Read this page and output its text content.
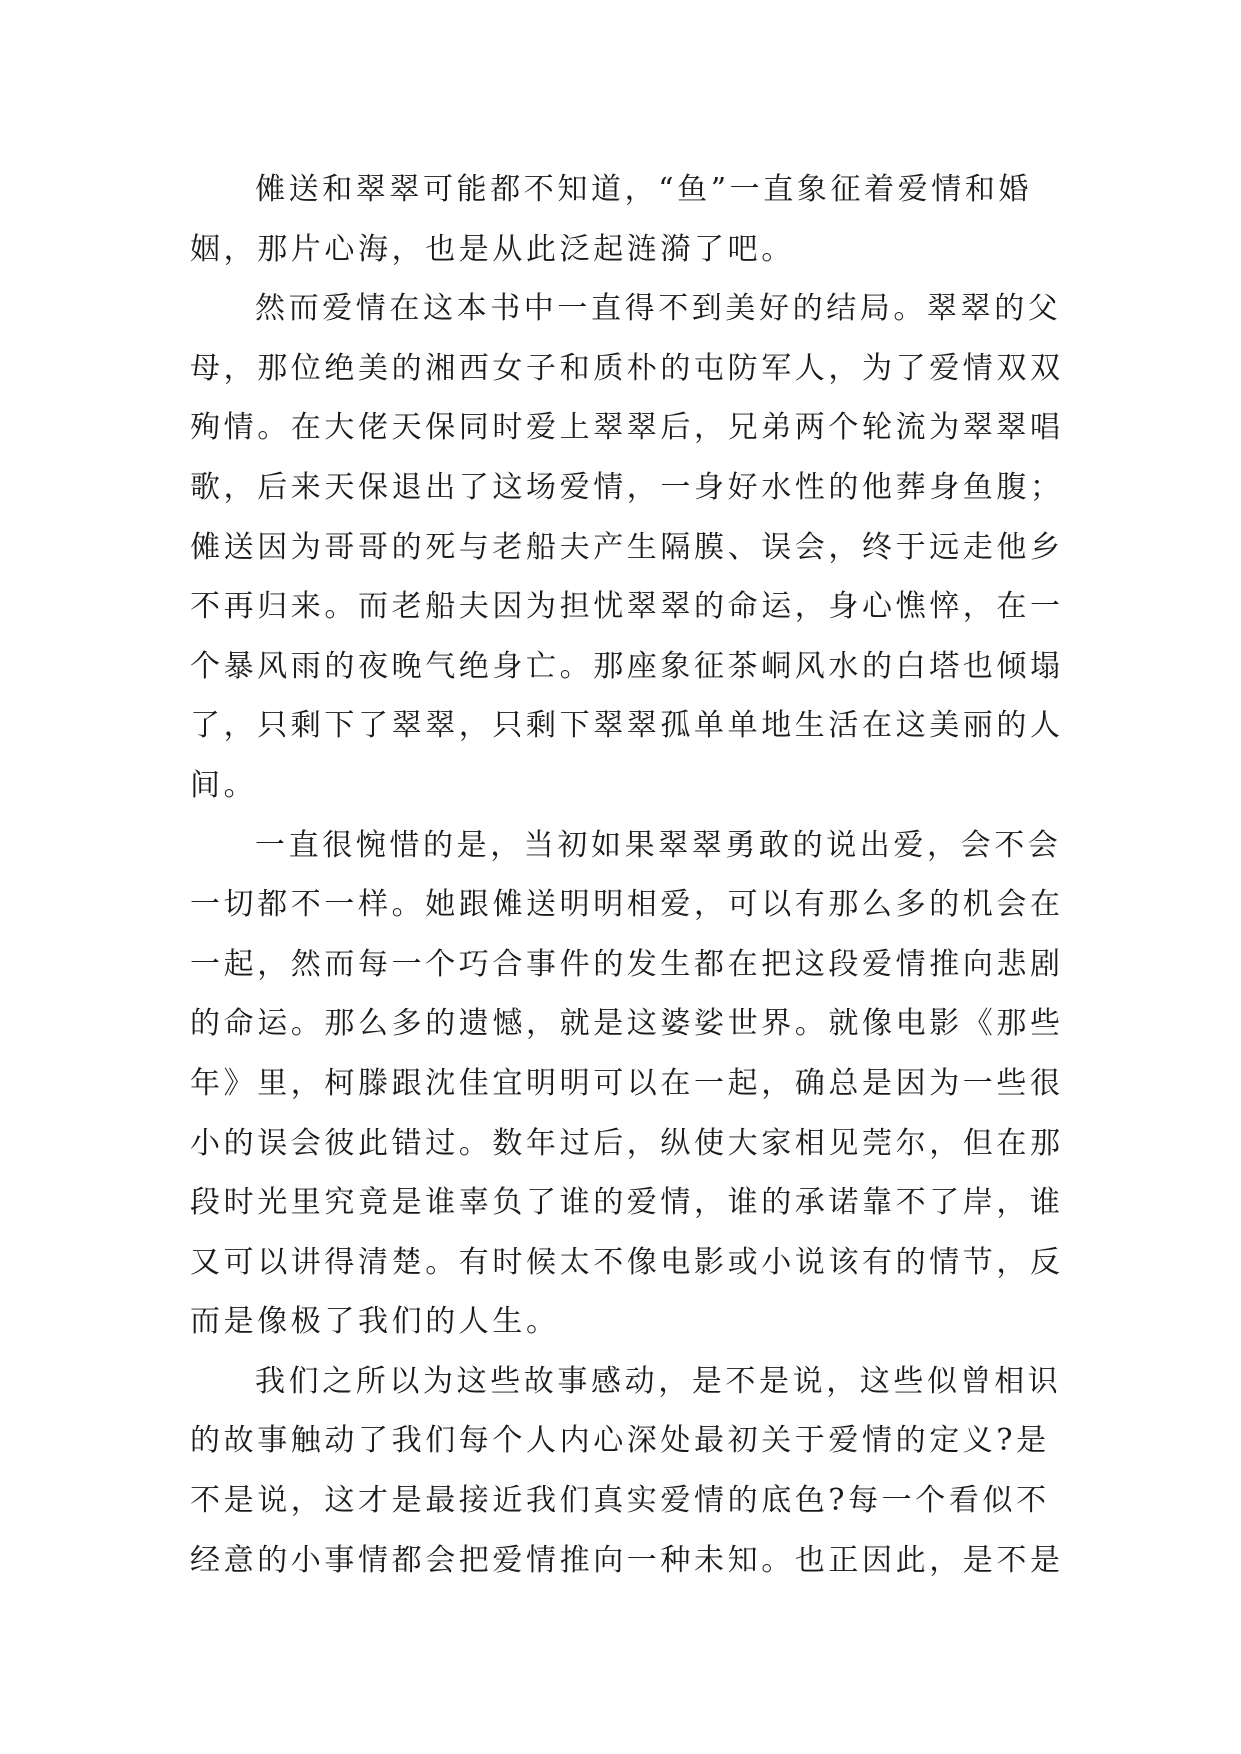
傩送和翠翠可能都不知道，“鱼”一直象征着爱情和婚
姻，那片心海，也是从此泛起涟漪了吧。

然而爱情在这本书中一直得不到美好的结局。翠翠的父
母，那位绝美的湘西女子和质朴的屯防军人，为了爱情双双
殉情。在大佬天保同时爱上翠翠后，兄弟两个轮流为翠翠唱
歌，后来天保退出了这场爱情，一身好水性的他葬身鱼腹；
傩送因为哥哥的死与老船夫产生隔膜、误会，终于远走他乡
不再归来。而老船夫因为担忧翠翠的命运，身心憔悴，在一
个暴风雨的夜晚气绝身亡。那座象征茶峒风水的白塔也倾塌
了，只剩下了翠翠，只剩下翠翠孤单单地生活在这美丽的人
间。

一直很惋惜的是，当初如果翠翠勇敢的说出爱，会不会
一切都不一样。她跟傩送明明相爱，可以有那么多的机会在
一起，然而每一个巧合事件的发生都在把这段爱情推向悲剧
的命运。那么多的遗憾，就是这婆娑世界。就像电影《那些
年》里，柯滕跟沈佳宜明明可以在一起，确总是因为一些很
小的误会彼此错过。数年过后，纵使大家相见莞尔，但在那
段时光里究竟是谁辜负了谁的爱情，谁的承诺靠不了岸，谁
又可以讲得清楚。有时候太不像电影或小说该有的情节，反
而是像极了我们的人生。

我们之所以为这些故事感动，是不是说，这些似曾相识
的故事触动了我们每个人内心深处最初关于爱情的定义?是
不是说，这才是最接近我们真实爱情的底色?每一个看似不
经意的小事情都会把爱情推向一种未知。也正因此，是不是
